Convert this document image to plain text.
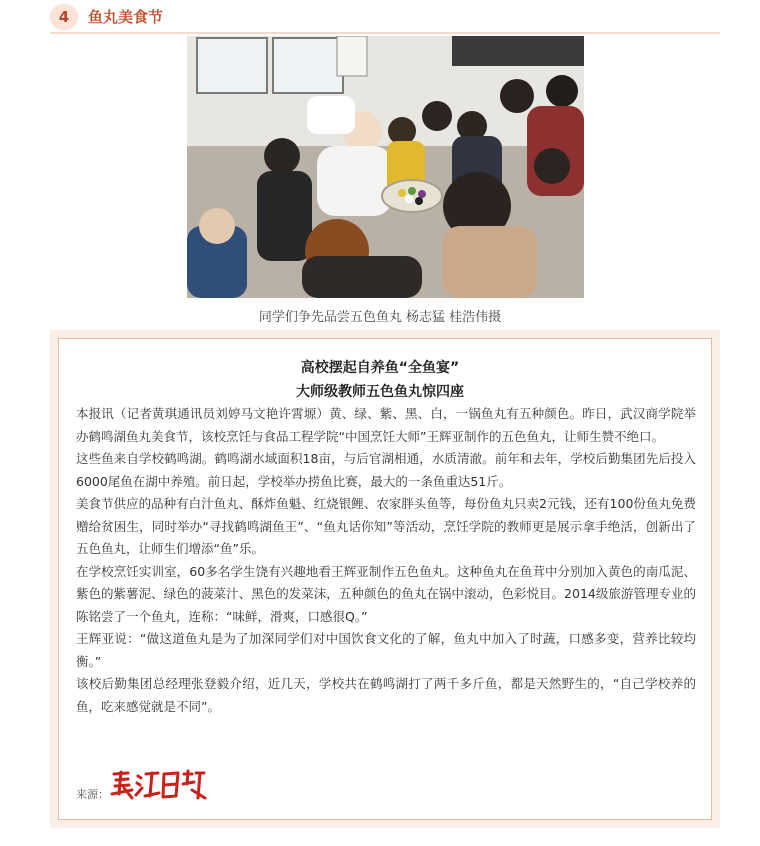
4	鱼丸美食节
同学们争先品尝五色鱼丸 杨志猛 桂浩伟摄
高校摆起自养鱼“全鱼宴”
大师级教师五色鱼丸惊四座

本报讯（记者黄琪通讯员刘婷马文艳许霄塬）黄、绿、紫、黑、白，一锅鱼丸有五种颜色。昨日，武汉商学院举办鹤鸣湖鱼丸美食节，该校烹饪与食品工程学院“中国烹饪大师”王辉亚制作的五色鱼丸，让师生赞不绝口。

这些鱼来自学校鹤鸣湖。鹤鸣湖水域面积18亩，与后官湖相通，水质清澈。前年和去年，学校后勤集团先后投入6000尾鱼在湖中养殖。前日起，学校举办捞鱼比赛，最大的一条鱼重达51斤。

美食节供应的品种有白汁鱼丸、酥炸鱼魁、红烧银鲤、农家胖头鱼等，每份鱼丸只卖2元钱，还有100份鱼丸免费赠给贫困生，同时举办“寻找鹤鸣湖鱼王”、“鱼丸话你知”等活动，烹饪学院的教师更是展示拿手绝活，创新出了五色鱼丸，让师生们增添“鱼”乐。

在学校烹饪实训室，60多名学生饶有兴趣地看王辉亚制作五色鱼丸。这种鱼丸在鱼茸中分别加入黄色的南瓜泥、紫色的紫薯泥、绿色的菠菜汁、黑色的发菜沫，五种颜色的鱼丸在锅中滚动，色彩悦目。2014级旅游管理专业的陈铭尝了一个鱼丸，连称：“味鲜，滑爽，口感很Q。”

王辉亚说：“做这道鱼丸是为了加深同学们对中国饮食文化的了解，鱼丸中加入了时蔬，口感多变，营养比较均衡。”

该校后勤集团总经理张登毅介绍，近几天，学校共在鹤鸣湖打了两千多斤鱼，都是天然野生的，“自己学校养的鱼，吃来感觉就是不同”。

来源：
